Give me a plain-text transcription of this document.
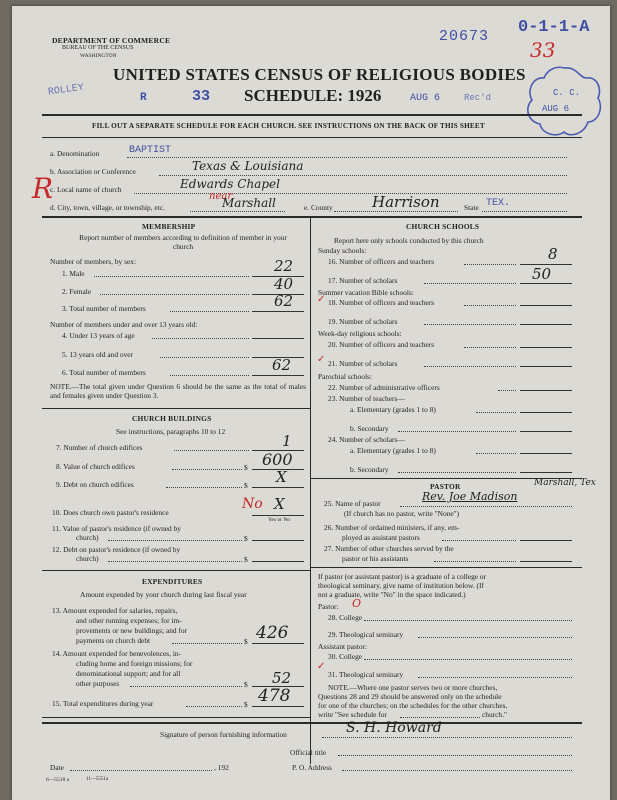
DEPARTMENT OF COMMERCE
BUREAU OF THE CENSUS
WASHINGTON
20673 0-1-1-A
33
UNITED STATES CENSUS OF RELIGIOUS BODIES
ROLLEY	R	33 SCHEDULE: 1926	AUG 6	Rec'd	C. C.
AUG 6
FILL OUT A SEPARATE SCHEDULE FOR EACH CHURCH. SEE INSTRUCTIONS ON THE BACK OF THIS SHEET
a. Denomination	BAPTIST
b. Association or Conference	Texas & Louisiana
R
c. Local name of church	Edwards Chapel
near
d. City, town, village, or township, etc.	Marshall	e. County	Harrison	State TEX.
MEMBERSHIP
Report number of members according to definition of member in your church
Number of members, by sex:
1. Male	22
2. Female	40
3. Total number of members	62
Number of members under and over 13 years old:
4. Under 13 years of age
5. 13 years old and over
6. Total number of members	62
NOTE.—The total given under Question 6 should be the same as the total of males and females given under Question 3.
CHURCH BUILDINGS
See instructions, paragraphs 10 to 12
7. Number of church edifices	1
8. Value of church edifices	$ 600
9. Debt on church edifices	$ X
10. Does church own pastor's residence
No X
Yes or No
11. Value of pastor's residence (if owned by
church)	$
12. Debt on pastor's residence (if owned by
church)	$
EXPENDITURES
Amount expended by your church during last fiscal year
13. Amount expended for salaries, repairs,
and other running expenses; for im-
provements or new buildings; and for
payments on church debt	$ 426
14. Amount expended for benevolences, in-
cluding home and foreign missions; for
denominational support; and for all
other purposes	$ 52
15. Total expenditures during year	$ 478
CHURCH SCHOOLS
Report here only schools conducted by this church
Sunday schools:
16. Number of officers and teachers	8
17. Number of scholars	50
Summer vacation Bible schools:
18. Number of officers and teachers
✓
19. Number of scholars
Week-day religious schools:
20. Number of officers and teachers
21. Number of scholars
✓
Parochial schools:
22. Number of administrative officers
23. Number of teachers—
a. Elementary (grades 1 to 8)
b. Secondary
24. Number of scholars—
a. Elementary (grades 1 to 8)
b. Secondary
PASTOR	Marshall, Tex
25. Name of pastor
Rev. Joe Madison
(If church has no pastor, write "None")
26. Number of ordained ministers, if any, em-
ployed as assistant pastors
27. Number of other churches served by the
pastor or his assistants
If pastor (or assistant pastor) is a graduate of a college or
theological seminary, give name of institution below. (If
not a graduate, write "No" in the space indicated.)
Pastor: O
28. College
29. Theological seminary
Assistant pastor:
30. College
✓
31. Theological seminary
NOTE.—Where one pastor serves two or more churches,
Questions 28 and 29 should be answered only on the schedule
for one of the churches; on the schedules for the other churches,
write "See schedule for	church."
Signature of person furnishing information	S. H. Howard
Official title
Date	, 192	P. O. Address
6—5518 a	11—5551a
